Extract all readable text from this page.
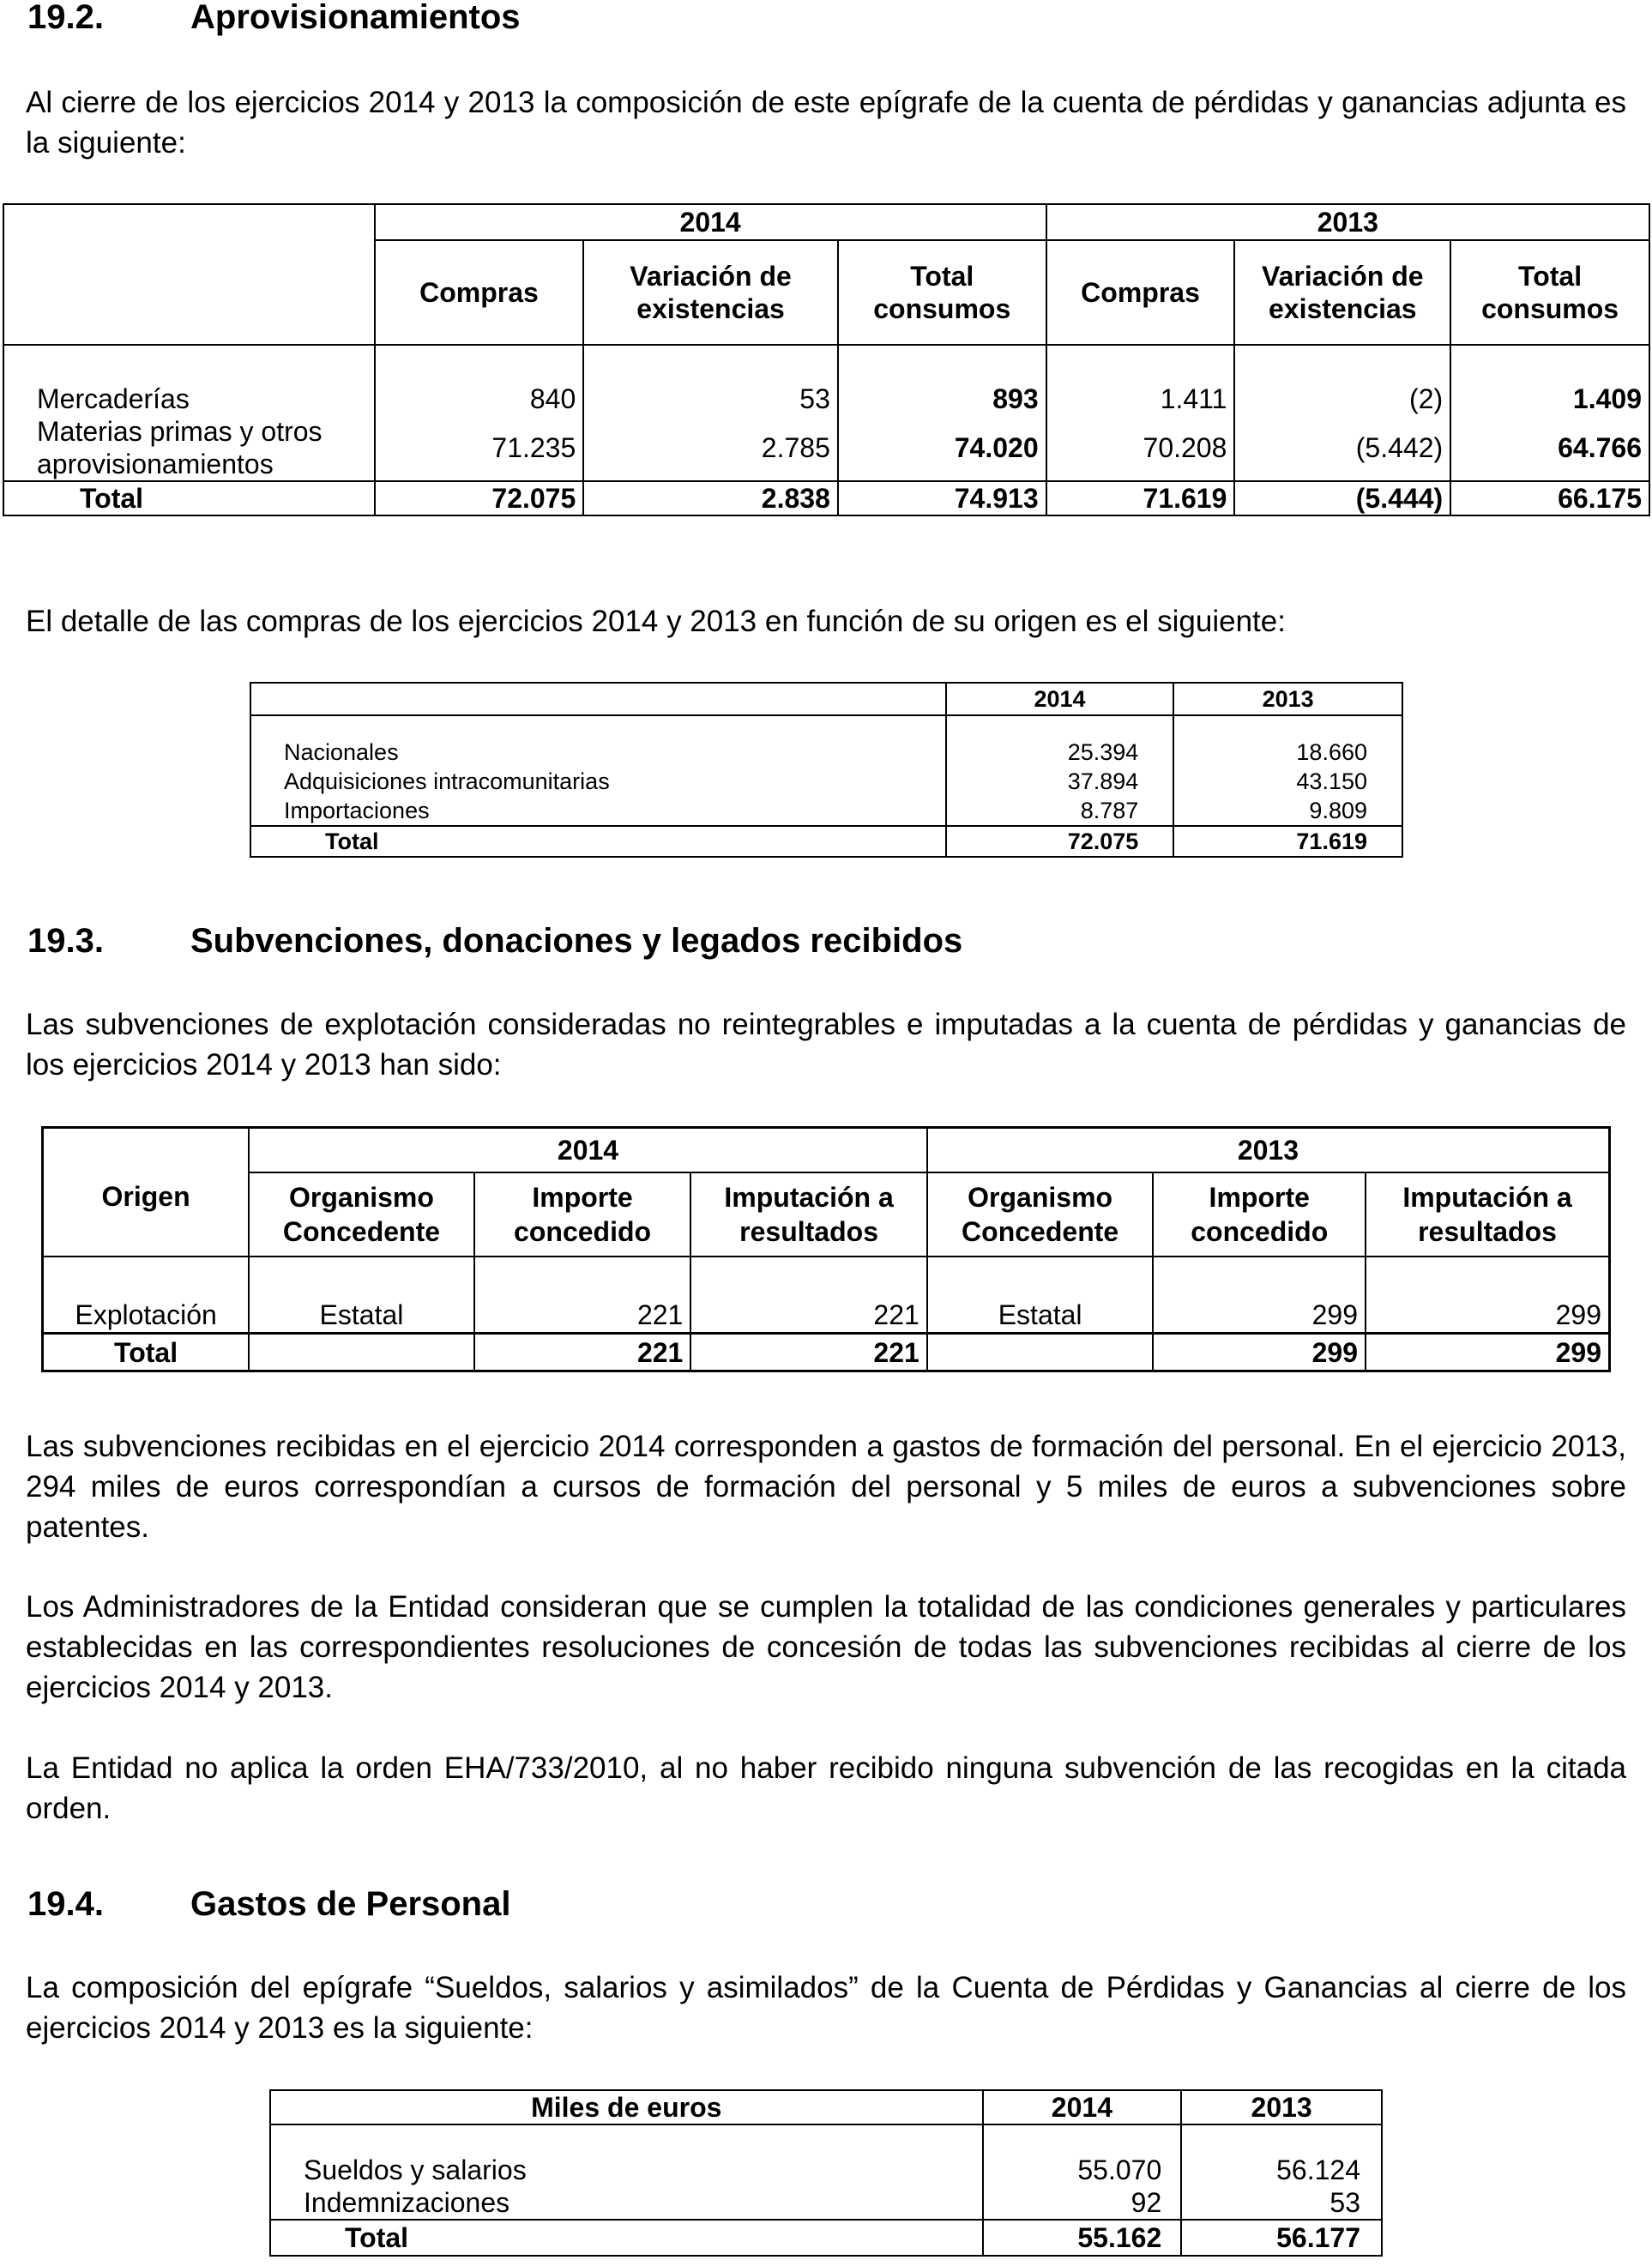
19.2.	Aprovisionamientos

Al cierre de los ejercicios 2014 y 2013 la composición de este epígrafe de la cuenta de pérdidas y ganancias adjunta es la siguiente:

	2014			2013		
	Compras	Variación de existencias	Total consumos	Compras	Variación de existencias	Total consumos
Mercaderías	840	53	893	1.411	(2)	1.409
Materias primas y otros aprovisionamientos	71.235	2.785	74.020	70.208	(5.442)	64.766
Total	72.075	2.838	74.913	71.619	(5.444)	66.175

El detalle de las compras de los ejercicios 2014 y 2013 en función de su origen es el siguiente:

	2014	2013
Nacionales	25.394	18.660
Adquisiciones intracomunitarias	37.894	43.150
Importaciones	8.787	9.809
Total	72.075	71.619
19.3.	Subvenciones, donaciones y legados recibidos

Las subvenciones de explotación consideradas no reintegrables e imputadas a la cuenta de pérdidas y ganancias de los ejercicios 2014 y 2013 han sido:

Origen	2014			2013		
	Organismo Concedente	Importe concedido	Imputación a resultados	Organismo Concedente	Importe concedido	Imputación a resultados
Explotación	Estatal	221	221	Estatal	299	299
Total		221	221		299	299

Las subvenciones recibidas en el ejercicio 2014 corresponden a gastos de formación del personal. En el ejercicio 2013, 294 miles de euros correspondían a cursos de formación del personal y 5 miles de euros a subvenciones sobre patentes.

Los Administradores de la Entidad consideran que se cumplen la totalidad de las condiciones generales y particulares establecidas en las correspondientes resoluciones de concesión de todas las subvenciones recibidas al cierre de los ejercicios 2014 y 2013.

La Entidad no aplica la orden EHA/733/2010, al no haber recibido ninguna subvención de las recogidas en la citada orden.

19.4.	Gastos de Personal

La composición del epígrafe “Sueldos, salarios y asimilados” de la Cuenta de Pérdidas y Ganancias al cierre de los ejercicios 2014 y 2013 es la siguiente:

Miles de euros	2014	2013
Sueldos y salarios	55.070	56.124
Indemnizaciones	92	53
Total	55.162	56.177
